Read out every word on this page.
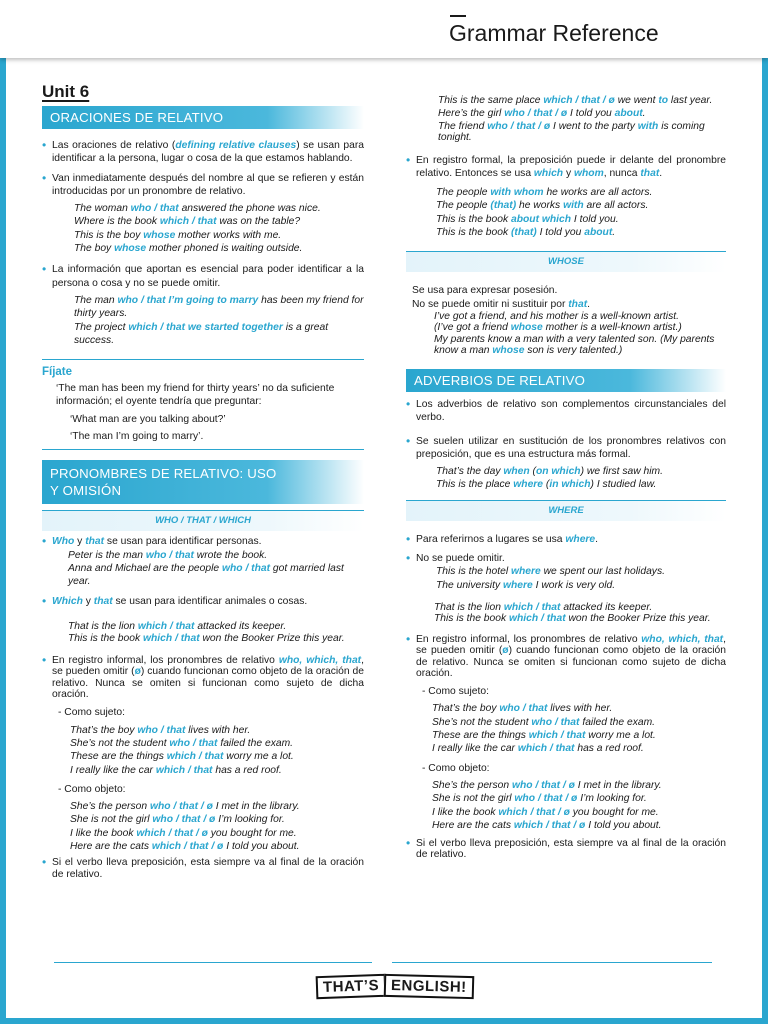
Grammar Reference
Unit 6
ORACIONES DE RELATIVO

• Las oraciones de relativo (defining relative clauses) se usan para identificar a la persona, lugar o cosa de la que estamos hablando.

• Van inmediatamente después del nombre al que se refieren y están introducidas por un pronombre de relativo.

The woman who / that answered the phone was nice.

Where is the book which / that was on the table?

This is the boy whose mother works with me.

The boy whose mother phoned is waiting outside.

• La información que aportan es esencial para poder identificar a la persona o cosa y no se puede omitir.

The man who / that I’m going to marry has been my friend for thirty years.

The project which / that we started together is a great success.

Fíjate

‘The man has been my friend for thirty years’ no da suficiente información; el oyente tendría que preguntar:

‘What man are you talking about?’

‘The man I’m going to marry’.

PRONOMBRES DE RELATIVO: USO
Y OMISIÓN
WHO / THAT / WHICH

• Who y that se usan para identificar personas.

Peter is the man who / that wrote the book.

Anna and Michael are the people who / that got married last year.

• Which y that se usan para identificar animales o cosas.

That is the lion which / that attacked its keeper.

This is the book which / that won the Booker Prize this year.

• En registro informal, los pronombres de relativo who, which, that, se pueden omitir (ø) cuando funcionan como objeto de la oración de relativo. Nunca se omiten si funcionan como sujeto de dicha oración.

- Como sujeto:

That’s the boy who / that lives with her.

She’s not the student who / that failed the exam.

These are the things which / that worry me a lot.

I really like the car which / that has a red roof.

- Como objeto:

She’s the person who / that / ø I met in the library.

She is not the girl who / that / ø I’m looking for.

I like the book which / that / ø you bought for me.

Here are the cats which / that / ø I told you about.

• Si el verbo lleva preposición, esta siempre va al final de la oración de relativo.

This is the same place which / that / ø we went to last year.

Here’s the girl who / that / ø I told you about.

The friend who / that / ø I went to the party with is coming tonight.

• En registro formal, la preposición puede ir delante del pronombre relativo. Entonces se usa which y whom, nunca that.

The people with whom he works are all actors.

The people (that) he works with are all actors.

This is the book about which I told you.

This is the book (that) I told you about.

WHOSE

Se usa para expresar posesión.

No se puede omitir ni sustituir por that.

I’ve got a friend, and his mother is a well-known artist.

(I’ve got a friend whose mother is a well-known artist.)

My parents know a man with a very talented son. (My parents know a man whose son is very talented.)

ADVERBIOS DE RELATIVO

• Los adverbios de relativo son complementos circunstanciales del verbo.

• Se suelen utilizar en sustitución de los pronombres relativos con preposición, que es una estructura más formal.

That’s the day when (on which) we first saw him.

This is the place where (in which) I studied law.

WHERE

• Para referirnos a lugares se usa where.

• No se puede omitir.

This is the hotel where we spent our last holidays.

The university where I work is very old.

That is the lion which / that attacked its keeper.

This is the book which / that won the Booker Prize this year.

• En registro informal, los pronombres de relativo who, which, that, se pueden omitir (ø) cuando funcionan como objeto de la oración de relativo. Nunca se omiten si funcionan como sujeto de dicha oración.

- Como sujeto:

That’s the boy who / that lives with her.

She’s not the student who / that failed the exam.

These are the things which / that worry me a lot.

I really like the car which / that has a red roof.

- Como objeto:

She’s the person who / that / ø I met in the library.

She is not the girl who / that / ø I’m looking for.

I like the book which / that / ø you bought for me.

Here are the cats which / that / ø I told you about.

• Si el verbo lleva preposición, esta siempre va al final de la oración de relativo.

THAT’S ENGLISH!
